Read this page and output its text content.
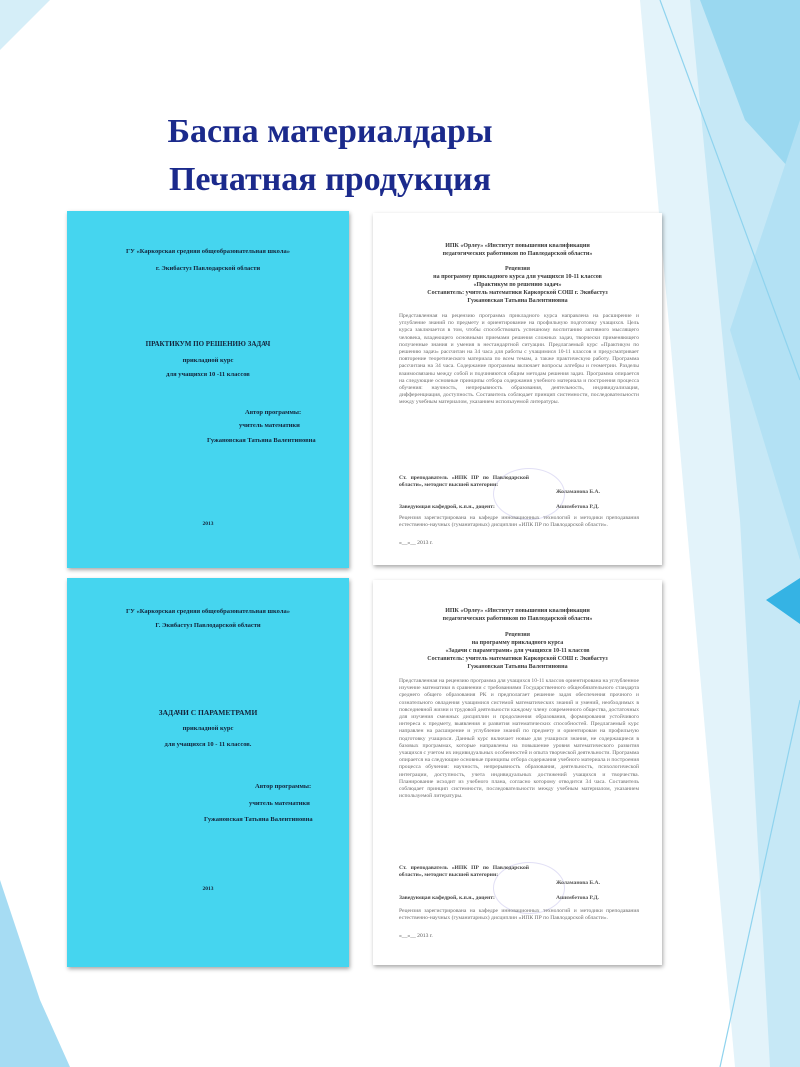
Баспа материалдары
Печатная продукция
ГУ «Каркорская средняя общеобразовательная школа»
г. Экибастуз Павлодарской области
ПРАКТИКУМ ПО РЕШЕНИЮ ЗАДАЧ
прикладной курс
для учащихся 10 -11 классов
Автор программы:
учитель математики
Гужановская Татьяна Валентиновна
2013
ИПК «Орлеу» «Институт повышения квалификации
педагогических работников по Павлодарской области»
Рецензия
на программу прикладного курса для учащихся 10-11 классов
«Практикум по решению задач»
Составитель: учитель математики Каркорской СОШ г. Экибастуз
Гужановская Татьяна Валентиновна
Представленная на рецензию программа прикладного курса направлена на расширение и углубление знаний по предмету и ориентирование на профильную подготовку учащихся. Цель курса заключается в том, чтобы способствовать успешному воспитанию активного мыслящего человека, владеющего основными приемами решения сложных задач, творчески применяющего полученные знания и умения в нестандартной ситуации. Предлагаемый курс «Практикум по решению задач» рассчитан на 34 часа для работы с учащимися 10-11 классов и предусматривает повторение теоретического материала по всем темам, а также практическую работу. Программа рассчитана на 34 часа. Содержание программы включает вопросы алгебры и геометрии. Разделы взаимосвязаны между собой и подчиняются общим методам решения задач. Программа опирается на следующие основные принципы отбора содержания учебного материала и построения процесса обучения: научность, непрерывность образования, деятельность, индивидуализация, дифференциация, доступность. Составитель соблюдает принцип системности, последовательности между учебным материалом, указанием используемой литературы.
Ст. преподаватель «ИПК ПР по Павлодарской области», методист высшей категории:
Жоламанова Б.А.
Заведующая кафедрой, к.п.н., доцент:	Ашимбетова Р.Д.
Рецензия зарегистрирована на кафедре инновационных технологий и методики преподавания естественно-научных (гуманитарных) дисциплин «ИПК ПР по Павлодарской области».
«__»__ 2013 г.
ГУ «Каркорская средняя общеобразовательная школа»
Г. Экибастуз Павлодарской области
ЗАДАЧИ С ПАРАМЕТРАМИ
прикладной курс
для учащихся 10 - 11 классов.
Автор программы:
учитель математики
Гужановская Татьяна Валентиновна
2013
ИПК «Орлеу» «Институт повышения квалификации
педагогических работников по Павлодарской области»
Рецензия
на программу прикладного курса
«Задачи с параметрами» для учащихся 10-11 классов
Составитель: учитель математики Каркорской СОШ г. Экибастуз
Гужановская Татьяна Валентиновна
Представленная на рецензию программа для учащихся 10-11 классов ориентирована на углубленное изучение математики в сравнении с требованиями Государственного общеобязательного стандарта среднего общего образования РК и предполагает решение задач обеспечения прочного и сознательного овладения учащимися системой математических знаний и умений, необходимых в повседневной жизни и трудовой деятельности каждому члену современного общества, достаточных для изучения смежных дисциплин и продолжения образования, формирования устойчивого интереса к предмету, выявления и развития математических способностей. Предлагаемый курс направлен на расширение и углубление знаний по предмету и ориентирован на профильную подготовку учащихся. Данный курс включает новые для учащихся знания, не содержащиеся в базовых программах, которые направлены на повышение уровня математического развития учащихся с учетом их индивидуальных особенностей и опыта творческой деятельности. Программа опирается на следующие основные принципы отбора содержания учебного материала и построения процесса обучения: научность, непрерывность образования, деятельность, психологической интеграции, доступность, учета индивидуальных достижений учащихся и творчества. Планирование исходит из учебного плана, согласно которому отводится 34 часа. Составитель соблюдает принцип системности, последовательности между учебным материалом, указанием используемой литературы.
Ст. преподаватель «ИПК ПР по Павлодарской области», методист высшей категории:
Жоламанова Б.А.
Заведующая кафедрой, к.п.н., доцент:	Ашимбетова Р.Д.
Рецензия зарегистрирована на кафедре инновационных технологий и методики преподавания естественно-научных (гуманитарных) дисциплин «ИПК ПР по Павлодарской области».
«__»__ 2013 г.
